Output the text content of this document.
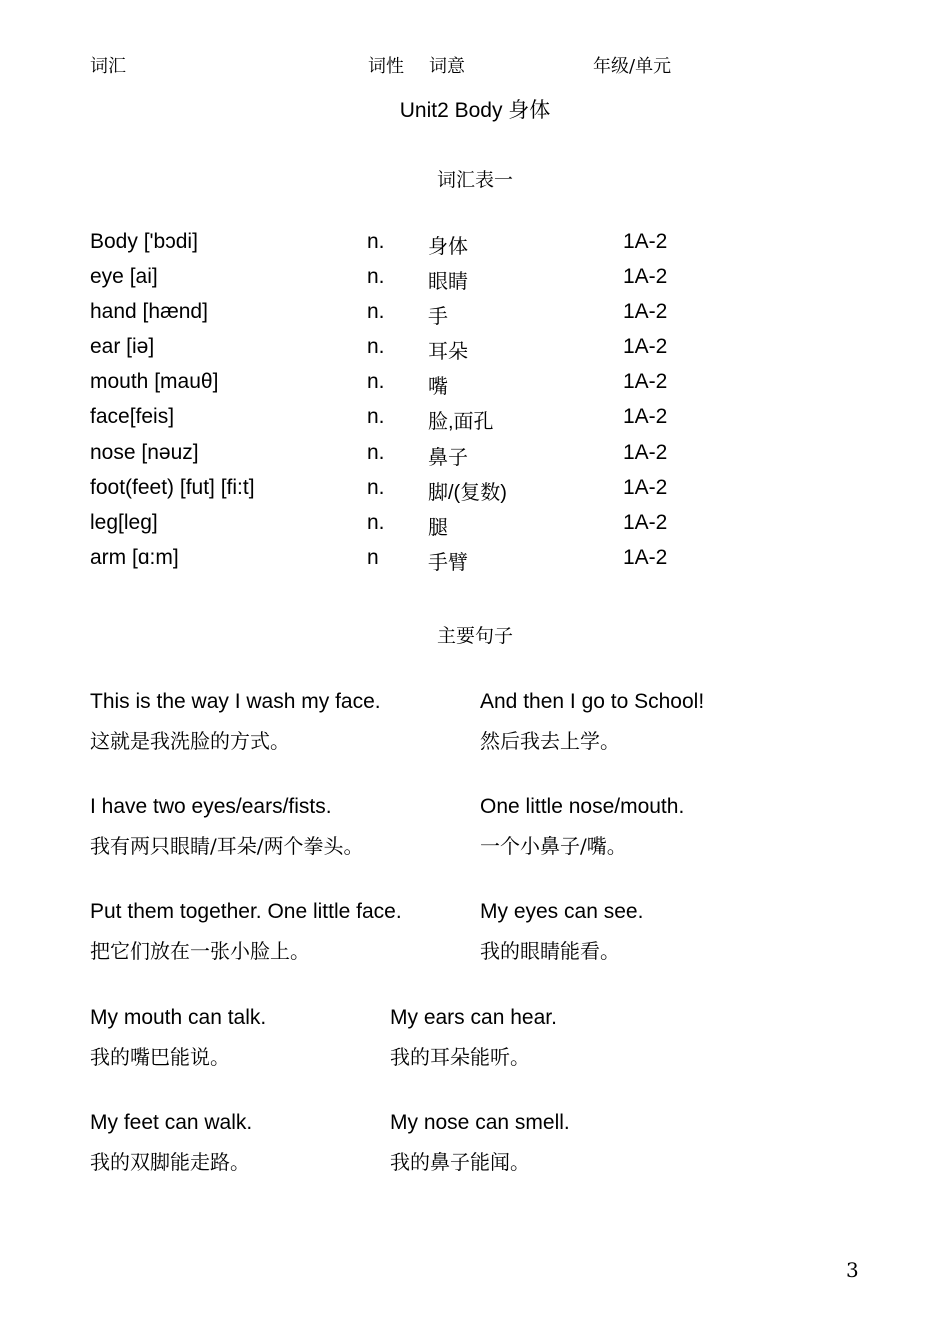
词汇	词性 词意	年级/单元
Unit2 Body 身体
词汇表一
Body ['bɔdi]	n. 身体	1A-2
eye [ai]	n. 眼睛	1A-2
hand [hænd]	n. 手	1A-2
ear [iə]	n. 耳朵	1A-2
mouth [mauθ]	n. 嘴	1A-2
face[feis]	n. 脸,面孔	1A-2
nose [nəuz]	n. 鼻子	1A-2
foot(feet) [fut] [fi:t]	n. 脚/(复数)	1A-2
leg[leg]	n. 腿	1A-2
arm [ɑ:m]	n 手臂	1A-2
主要句子
This is the way I wash my face.
这就是我洗脸的方式。
And then I go to School!
然后我去上学。
I have two eyes/ears/fists.
我有两只眼睛/耳朵/两个拳头。
One little nose/mouth.
一个小鼻子/嘴。
Put them together. One little face.
把它们放在一张小脸上。
My eyes can see.
我的眼睛能看。
My mouth can talk.
我的嘴巴能说。
My ears can hear.
我的耳朵能听。
My feet can walk.
我的双脚能走路。
My nose can smell.
我的鼻子能闻。
3
